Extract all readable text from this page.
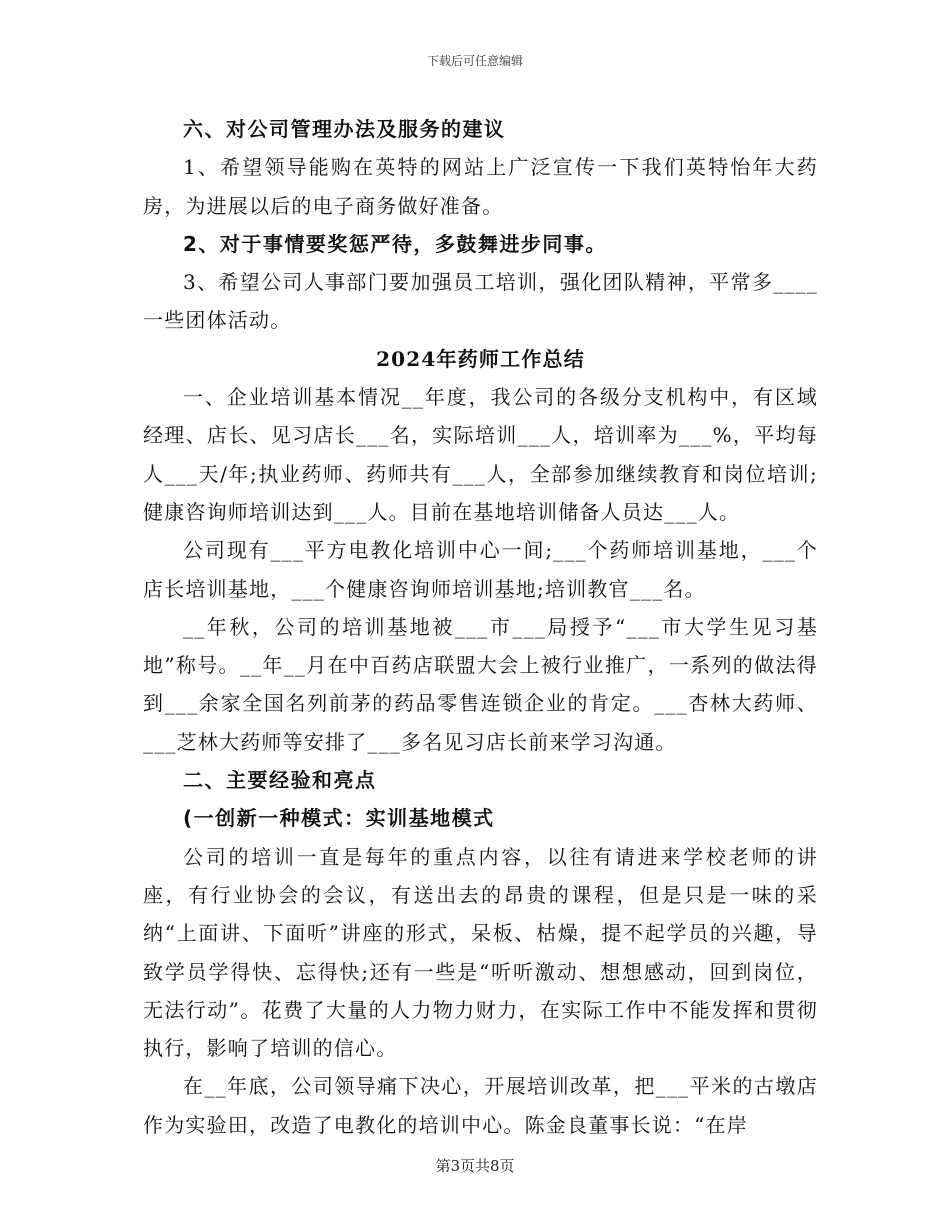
下载后可任意编辑

六、对公司管理办法及服务的建议

1、希望领导能购在英特的网站上广泛宣传一下我们英特怡年大药房，为进展以后的电子商务做好准备。

2、对于事情要奖惩严待，多鼓舞进步同事。

3、希望公司人事部门要加强员工培训，强化团队精神，平常多____一些团体活动。

2024年药师工作总结

一、企业培训基本情况__年度，我公司的各级分支机构中，有区域经理、店长、见习店长___名，实际培训___人，培训率为___%，平均每人___天/年;执业药师、药师共有___人，全部参加继续教育和岗位培训;健康咨询师培训达到___人。目前在基地培训储备人员达___人。

公司现有___平方电教化培训中心一间;___个药师培训基地，___个店长培训基地，___个健康咨询师培训基地;培训教官___名。

__年秋，公司的培训基地被___市___局授予“___市大学生见习基地”称号。__年__月在中百药店联盟大会上被行业推广，一系列的做法得到___余家全国名列前茅的药品零售连锁企业的肯定。___杏林大药师、___芝林大药师等安排了___多名见习店长前来学习沟通。

二、主要经验和亮点

(一创新一种模式：实训基地模式

公司的培训一直是每年的重点内容，以往有请进来学校老师的讲座，有行业协会的会议，有送出去的昂贵的课程，但是只是一味的采纳“上面讲、下面听”讲座的形式，呆板、枯燥，提不起学员的兴趣，导致学员学得快、忘得快;还有一些是“听听激动、想想感动，回到岗位，无法行动”。花费了大量的人力物力财力，在实际工作中不能发挥和贯彻执行，影响了培训的信心。

在__年底，公司领导痛下决心，开展培训改革，把___平米的古墩店作为实验田，改造了电教化的培训中心。陈金良董事长说：“在岸

第3页共8页
